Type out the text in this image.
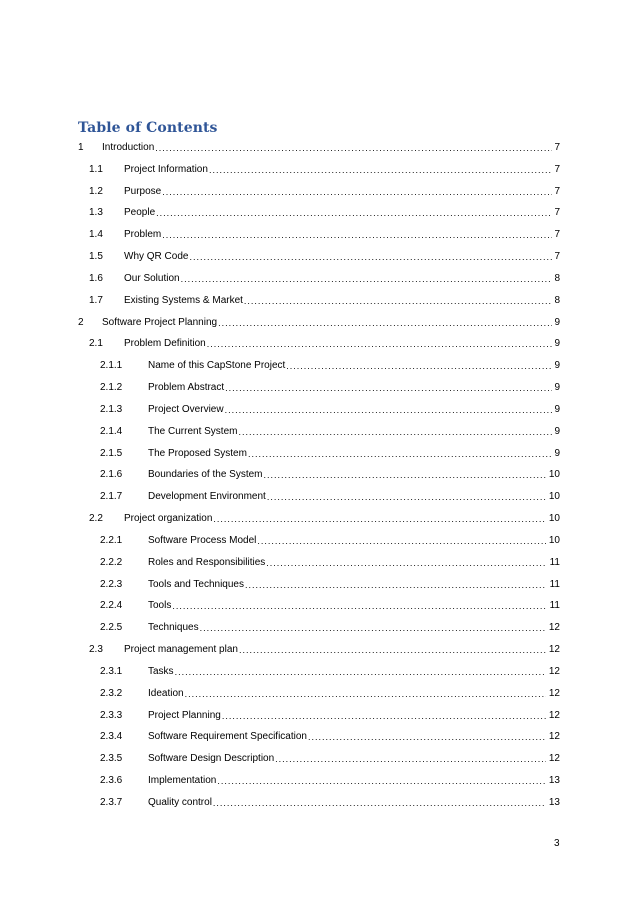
Table of Contents
1 Introduction .....	7
1.1 Project Information .....	7
1.2 Purpose .....	7
1.3 People .....	7
1.4 Problem .....	7
1.5 Why QR Code .....	7
1.6 Our Solution .....	8
1.7 Existing Systems & Market .....	8
2 Software Project Planning .....	9
2.1 Problem Definition .....	9
2.1.1	Name of this CapStone Project .....	9
2.1.2	Problem Abstract .....	9
2.1.3	Project Overview .....	9
2.1.4	The Current System .....	9
2.1.5	The Proposed System .....	9
2.1.6	Boundaries of the System .....	10
2.1.7	Development Environment .....	10
2.2 Project organization .....	10
2.2.1	Software Process Model .....	10
2.2.2	Roles and Responsibilities .....	11
2.2.3	Tools and Techniques .....	11
2.2.4	Tools .....	11
2.2.5	Techniques .....	12
2.3 Project management plan .....	12
2.3.1	Tasks .....	12
2.3.2	Ideation .....	12
2.3.3	Project Planning .....	12
2.3.4	Software Requirement Specification .....	12
2.3.5	Software Design Description .....	12
2.3.6	Implementation .....	13
2.3.7	Quality control .....	13
3
